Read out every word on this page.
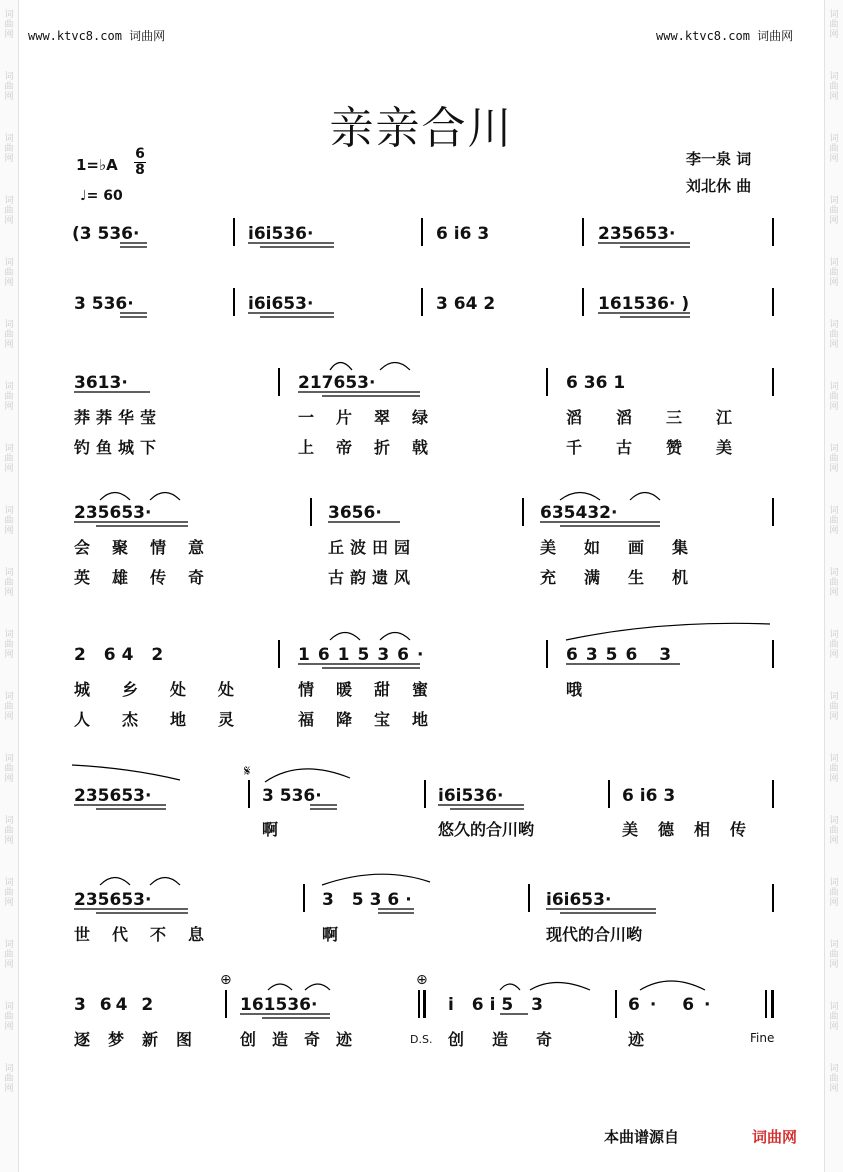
词 曲 网
词 曲 网
词 曲 网
词 曲 网
词 曲 网
词 曲 网
词 曲 网
词 曲 网
词 曲 网
词 曲 网
词 曲 网
词 曲 网
词 曲 网
词 曲 网
词 曲 网
词 曲 网
词 曲 网
词 曲 网
词 曲 网
词 曲 网
词 曲 网
词 曲 网
词 曲 网
词 曲 网
词 曲 网
词 曲 网
词 曲 网
词 曲 网
词 曲 网
词 曲 网
词 曲 网
词 曲 网
词 曲 网
词 曲 网
词 曲 网
词 曲 网
www.ktvc8.com 词曲网	www.ktvc8.com 词曲网
亲亲合川
李一泉 词
刘北休 曲
1=♭A
6
8
♩= 60
(3 536·	i6i536·	6 i6 3	235653·
3 536·	i6i653·	3 64 2	161536· )
3613·	217653·	6 36 1
莽莽华莹	一片翠绿	滔滔三江
钓鱼城下	上帝折戟	千古赞美
235653·	3656·	635432·
会聚情意	丘波田园	美如画集
英雄传奇	古韵遗风	充满生机
2 64 2	161536·	6356 3
城乡处处 情暖甜蜜	哦
人杰地灵 福降宝地
235653·	3 536·	i6i536·	6 i6 3
𝄋
啊	悠久的合川哟	美德相传
235653·	3 536·	i6i653·
世代不息	啊	现代的合川哟
3 64 2	161536·	i 6i5 3	6· 6·
⊕	⊕
逐梦新图 创造奇迹	D.S. 创造奇	迹	Fine
本曲谱源自	词曲网
